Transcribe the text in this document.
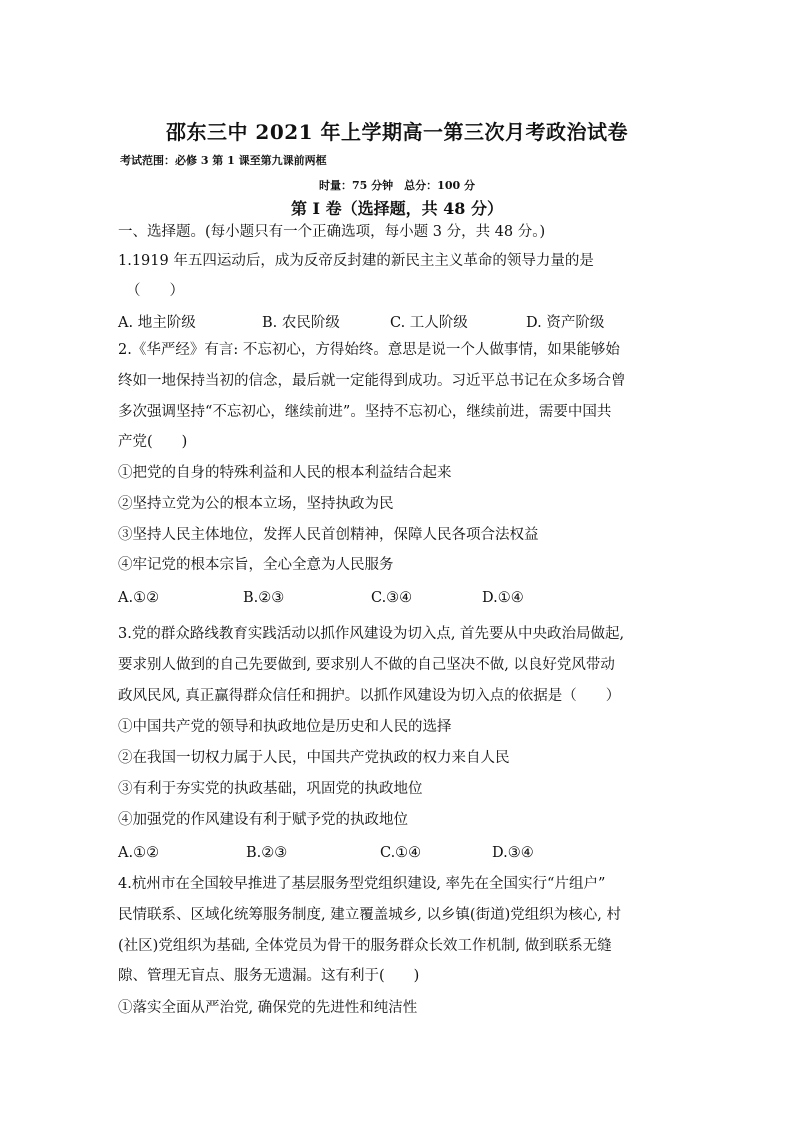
邵东三中 2021 年上学期高一第三次月考政治试卷
考试范围：必修 3 第 1 课至第九课前两框
时量：75 分钟　总分：100 分
第 I 卷（选择题，共 48 分）
一、选择题。(每小题只有一个正确选项，每小题 3 分，共 48 分。)
1.1919 年五四运动后，成为反帝反封建的新民主主义革命的领导力量的是
（　　）
A. 地主阶级	B. 农民阶级	C. 工人阶级	D. 资产阶级
2.《华严经》有言: 不忘初心，方得始终。意思是说一个人做事情，如果能够始
终如一地保持当初的信念，最后就一定能得到成功。习近平总书记在众多场合曾
多次强调坚持“不忘初心，继续前进”。坚持不忘初心，继续前进，需要中国共
产党(　　)
①把党的自身的特殊利益和人民的根本利益结合起来
②坚持立党为公的根本立场，坚持执政为民
③坚持人民主体地位，发挥人民首创精神，保障人民各项合法权益
④牢记党的根本宗旨，全心全意为人民服务
A.①②	B.②③	C.③④	D.①④
3.党的群众路线教育实践活动以抓作风建设为切入点, 首先要从中央政治局做起,
要求别人做到的自己先要做到, 要求别人不做的自己坚决不做, 以良好党风带动
政风民风, 真正赢得群众信任和拥护。以抓作风建设为切入点的依据是（　　）
①中国共产党的领导和执政地位是历史和人民的选择
②在我国一切权力属于人民，中国共产党执政的权力来自人民
③有利于夯实党的执政基础，巩固党的执政地位
④加强党的作风建设有利于赋予党的执政地位
A.①②	B.②③	C.①④	D.③④
4.杭州市在全国较早推进了基层服务型党组织建设, 率先在全国实行“片组户”
民情联系、区域化统筹服务制度, 建立覆盖城乡, 以乡镇(街道)党组织为核心, 村
(社区)党组织为基础, 全体党员为骨干的服务群众长效工作机制, 做到联系无缝
隙、管理无盲点、服务无遗漏。这有利于(　　)
①落实全面从严治党, 确保党的先进性和纯洁性
